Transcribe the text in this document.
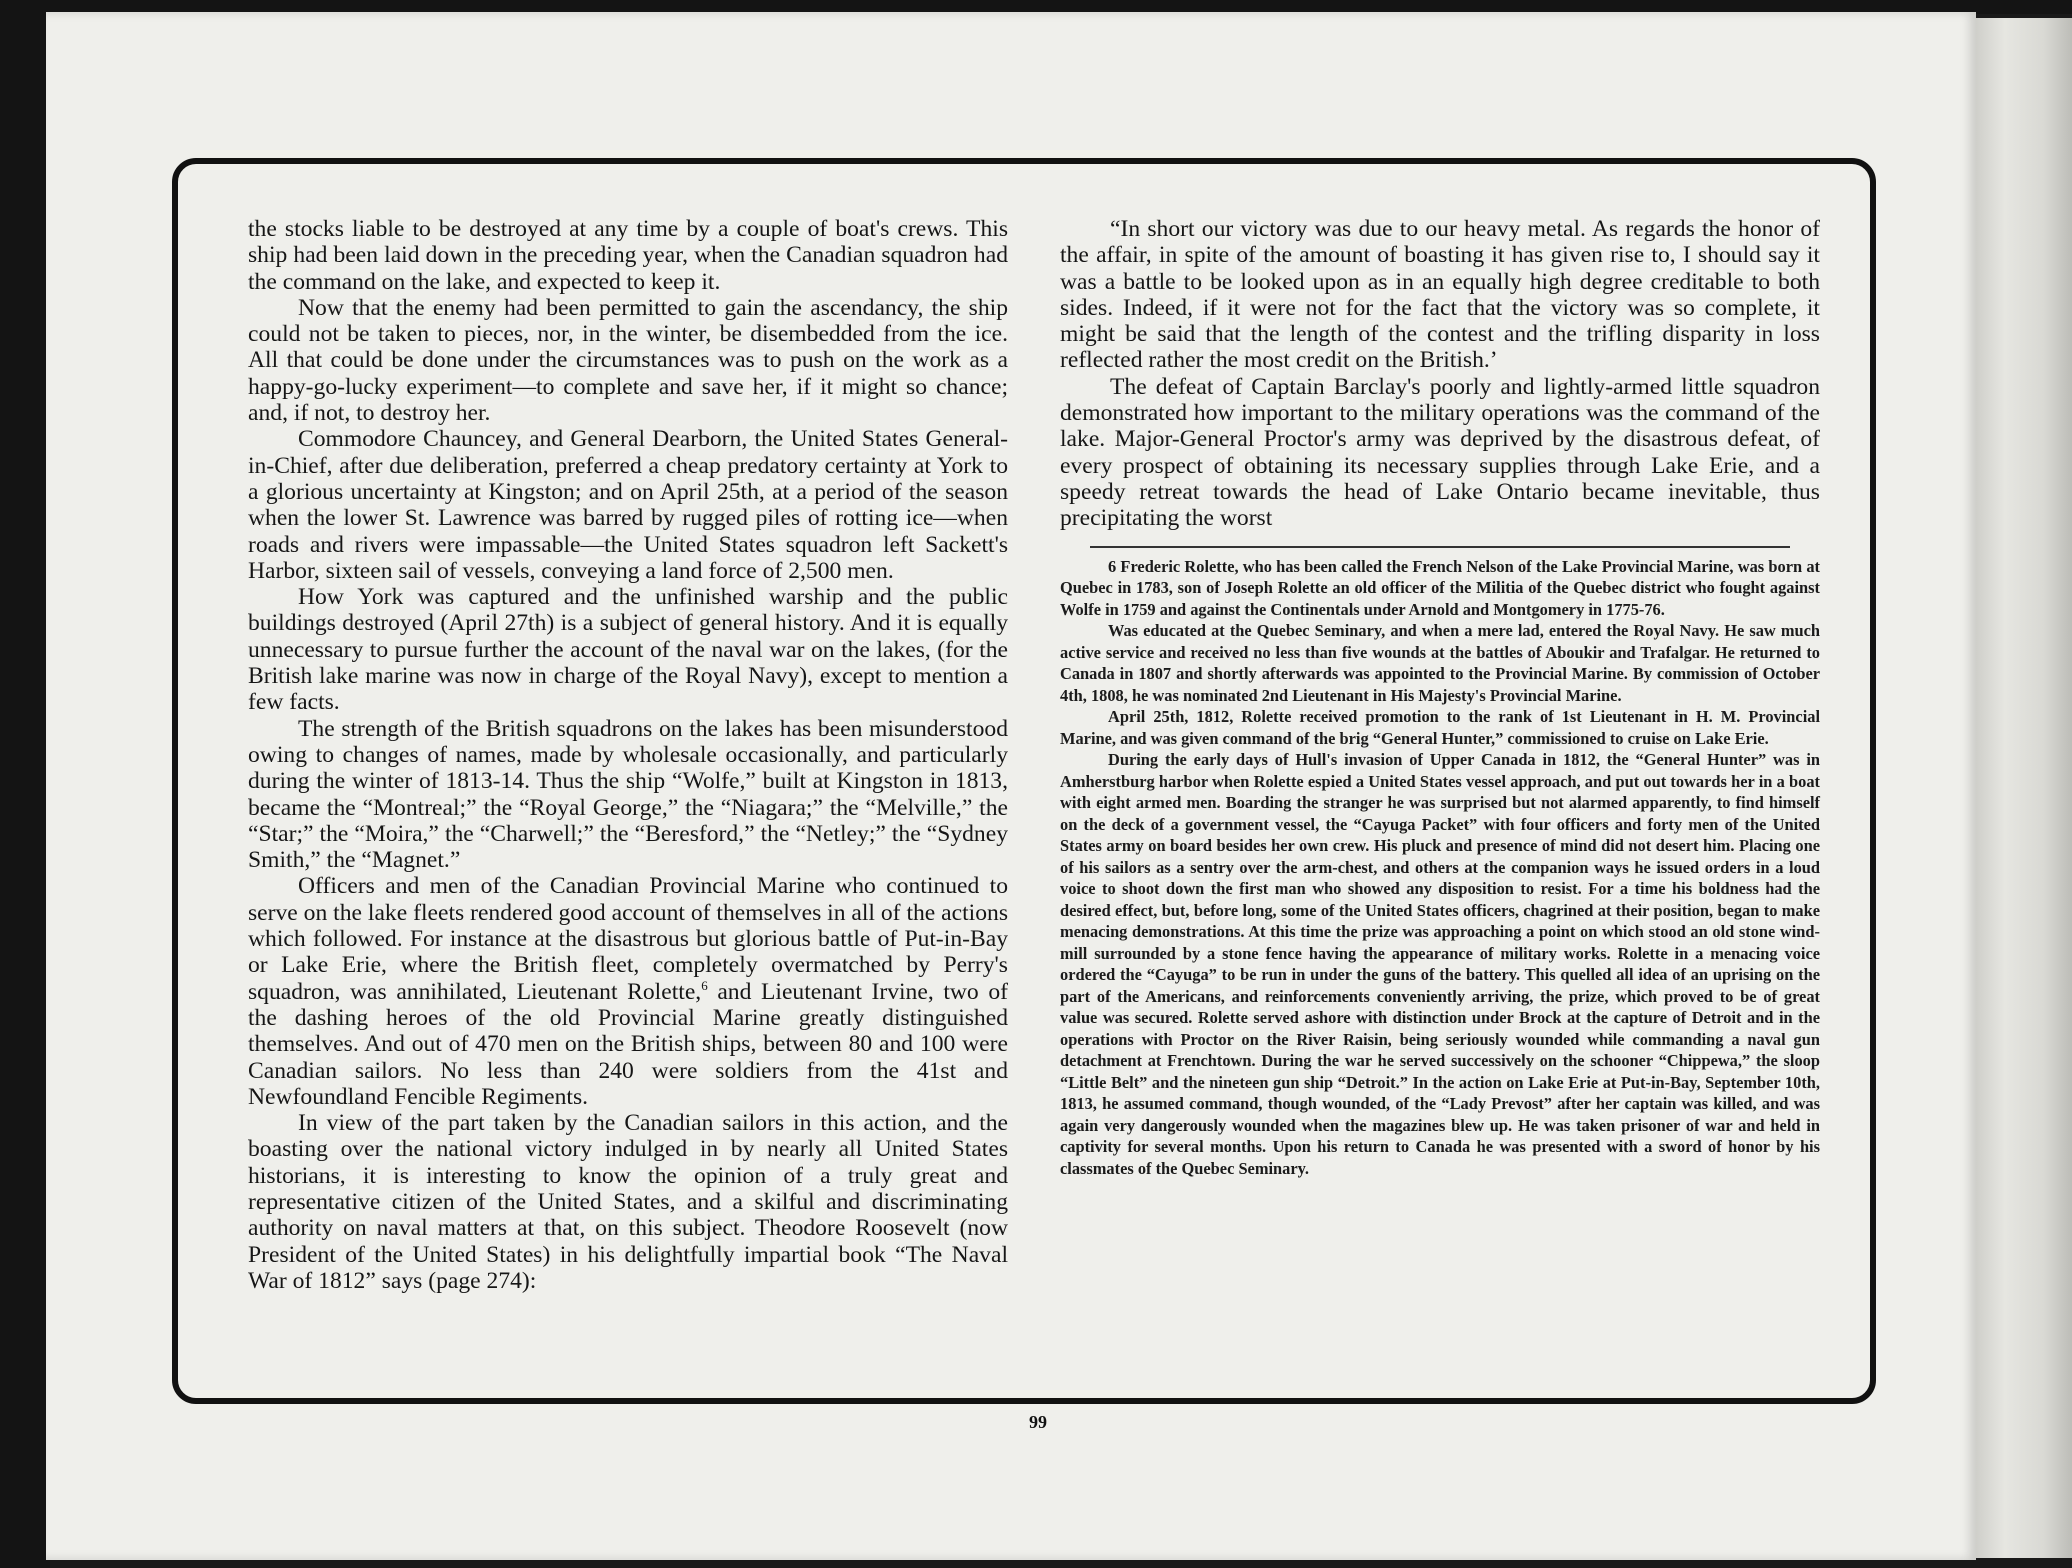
the stocks liable to be destroyed at any time by a couple of boat's crews. This ship had been laid down in the preceding year, when the Canadian squadron had the command on the lake, and expected to keep it.

Now that the enemy had been permitted to gain the ascendancy, the ship could not be taken to pieces, nor, in the winter, be disembedded from the ice. All that could be done under the circumstances was to push on the work as a happy-go-lucky experiment—to complete and save her, if it might so chance; and, if not, to destroy her.

Commodore Chauncey, and General Dearborn, the United States General-in-Chief, after due deliberation, preferred a cheap predatory certainty at York to a glorious uncertainty at Kingston; and on April 25th, at a period of the season when the lower St. Lawrence was barred by rugged piles of rotting ice—when roads and rivers were impassable—the United States squadron left Sackett's Harbor, sixteen sail of vessels, conveying a land force of 2,500 men.

How York was captured and the unfinished warship and the public buildings destroyed (April 27th) is a subject of general history. And it is equally unnecessary to pursue further the account of the naval war on the lakes, (for the British lake marine was now in charge of the Royal Navy), except to mention a few facts.

The strength of the British squadrons on the lakes has been misunderstood owing to changes of names, made by wholesale occasionally, and particularly during the winter of 1813-14. Thus the ship “Wolfe,” built at Kingston in 1813, became the “Montreal;” the “Royal George,” the “Niagara;” the “Melville,” the “Star;” the “Moira,” the “Charwell;” the “Beresford,” the “Netley;” the “Sydney Smith,” the “Magnet.”

Officers and men of the Canadian Provincial Marine who continued to serve on the lake fleets rendered good account of themselves in all of the actions which followed. For instance at the disastrous but glorious battle of Put-in-Bay or Lake Erie, where the British fleet, completely overmatched by Perry's squadron, was annihilated, Lieutenant Rolette,$^6$ and Lieutenant Irvine, two of the dashing heroes of the old Provincial Marine greatly distinguished themselves. And out of 470 men on the British ships, between 80 and 100 were Canadian sailors. No less than 240 were soldiers from the 41st and Newfoundland Fencible Regiments.

In view of the part taken by the Canadian sailors in this action, and the boasting over the national victory indulged in by nearly all United States historians, it is interesting to know the opinion of a truly great and representative citizen of the United States, and a skilful and discriminating authority on naval matters at that, on this subject. Theodore Roosevelt (now President of the United States) in his delightfully impartial book “The Naval War of 1812” says (page 274):

“In short our victory was due to our heavy metal. As regards the honor of the affair, in spite of the amount of boasting it has given rise to, I should say it was a battle to be looked upon as in an equally high degree creditable to both sides. Indeed, if it were not for the fact that the victory was so complete, it might be said that the length of the contest and the trifling disparity in loss reflected rather the most credit on the British.’

The defeat of Captain Barclay's poorly and lightly-armed little squadron demonstrated how important to the military operations was the command of the lake. Major-General Proctor's army was deprived by the disastrous defeat, of every prospect of obtaining its necessary supplies through Lake Erie, and a speedy retreat towards the head of Lake Ontario became inevitable, thus precipitating the worst

6 Frederic Rolette, who has been called the French Nelson of the Lake Provincial Marine, was born at Quebec in 1783, son of Joseph Rolette an old officer of the Militia of the Quebec district who fought against Wolfe in 1759 and against the Continentals under Arnold and Montgomery in 1775-76.

Was educated at the Quebec Seminary, and when a mere lad, entered the Royal Navy. He saw much active service and received no less than five wounds at the battles of Aboukir and Trafalgar. He returned to Canada in 1807 and shortly afterwards was appointed to the Provincial Marine. By commission of October 4th, 1808, he was nominated 2nd Lieutenant in His Majesty's Provincial Marine.

April 25th, 1812, Rolette received promotion to the rank of 1st Lieutenant in H. M. Provincial Marine, and was given command of the brig “General Hunter,” commissioned to cruise on Lake Erie.

During the early days of Hull's invasion of Upper Canada in 1812, the “General Hunter” was in Amherstburg harbor when Rolette espied a United States vessel approach, and put out towards her in a boat with eight armed men. Boarding the stranger he was surprised but not alarmed apparently, to find himself on the deck of a government vessel, the “Cayuga Packet” with four officers and forty men of the United States army on board besides her own crew. His pluck and presence of mind did not desert him. Placing one of his sailors as a sentry over the arm-chest, and others at the companion ways he issued orders in a loud voice to shoot down the first man who showed any disposition to resist. For a time his boldness had the desired effect, but, before long, some of the United States officers, chagrined at their position, began to make menacing demonstrations. At this time the prize was approaching a point on which stood an old stone wind-mill surrounded by a stone fence having the appearance of military works. Rolette in a menacing voice ordered the “Cayuga” to be run in under the guns of the battery. This quelled all idea of an uprising on the part of the Americans, and reinforcements conveniently arriving, the prize, which proved to be of great value was secured. Rolette served ashore with distinction under Brock at the capture of Detroit and in the operations with Proctor on the River Raisin, being seriously wounded while commanding a naval gun detachment at Frenchtown. During the war he served successively on the schooner “Chippewa,” the sloop “Little Belt” and the nineteen gun ship “Detroit.” In the action on Lake Erie at Put-in-Bay, September 10th, 1813, he assumed command, though wounded, of the “Lady Prevost” after her captain was killed, and was again very dangerously wounded when the magazines blew up. He was taken prisoner of war and held in captivity for several months. Upon his return to Canada he was presented with a sword of honor by his classmates of the Quebec Seminary.

99
